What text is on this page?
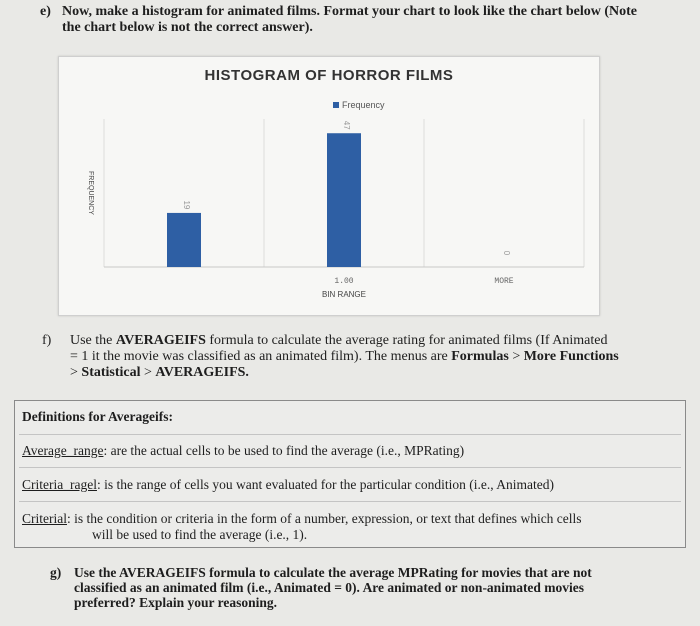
e) Now, make a histogram for animated films. Format your chart to look like the chart below (Note
the chart below is not the correct answer).
19
47
1.00
0
MORE
BIN RANGE
FREQUENCY
HISTOGRAM OF HORROR FILMS
Frequency
f)	Use the AVERAGEIFS formula to calculate the average rating for animated films (If Animated
= 1 it the movie was classified as an animated film). The menus are Formulas > More Functions
> Statistical > AVERAGEIFS.
Definitions for Averageifs:
Average_range: are the actual cells to be used to find the average (i.e., MPRating)
Criteria_ragel: is the range of cells you want evaluated for the particular condition (i.e., Animated)
Criterial: is the condition or criteria in the form of a number, expression, or text that defines which cells
will be used to find the average (i.e., 1).
g) Use the AVERAGEIFS formula to calculate the average MPRating for movies that are not
classified as an animated film (i.e., Animated = 0). Are animated or non-animated movies
preferred? Explain your reasoning.
